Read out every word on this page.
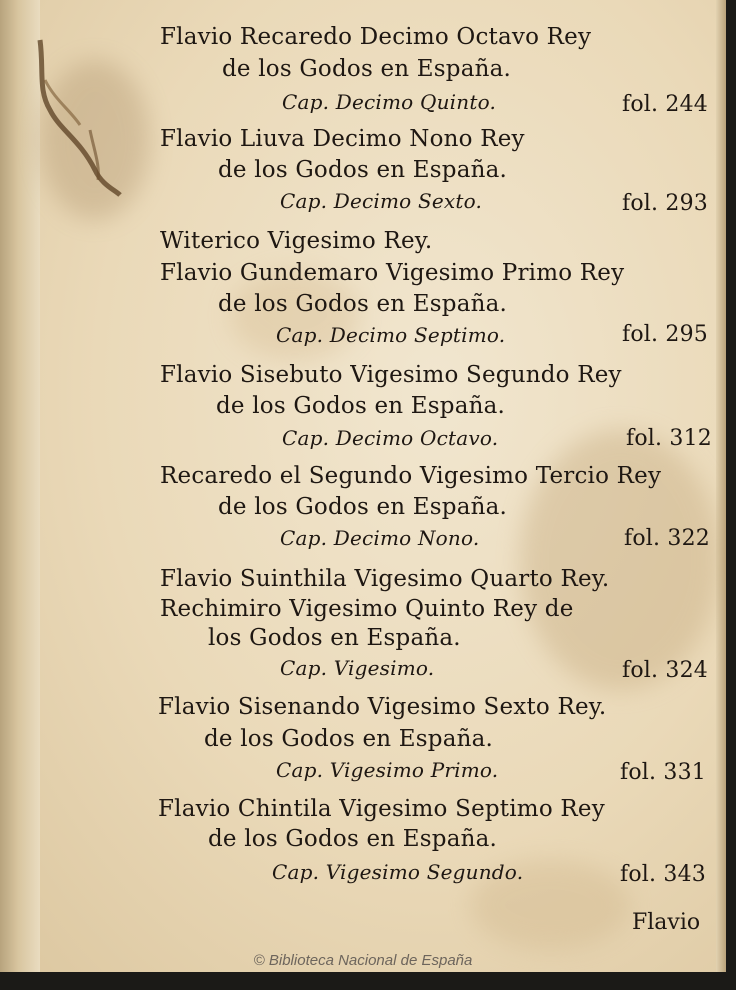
Flavio Recaredo Decimo Octavo Rey
de los Godos en España.
Cap. Decimo Quinto.	fol. 244
Flavio Liuva Decimo Nono Rey
de los Godos en España.
Cap. Decimo Sexto.	fol. 293
Witerico Vigesimo Rey.
Flavio Gundemaro Vigesimo Primo Rey
de los Godos en España.
Cap. Decimo Septimo.	fol. 295
Flavio Sisebuto Vigesimo Segundo Rey
de los Godos en España.
Cap. Decimo Octavo.	fol. 312
Recaredo el Segundo Vigesimo Tercio Rey
de los Godos en España.
Cap. Decimo Nono.	fol. 322
Flavio Suinthila Vigesimo Quarto Rey.
Rechimiro Vigesimo Quinto Rey de
los Godos en España.
Cap. Vigesimo.	fol. 324
Flavio Sisenando Vigesimo Sexto Rey.
de los Godos en España.
Cap. Vigesimo Primo.	fol. 331
Flavio Chintila Vigesimo Septimo Rey
de los Godos en España.
Cap. Vigesimo Segundo.	fol. 343
Flavio
© Biblioteca Nacional de España
